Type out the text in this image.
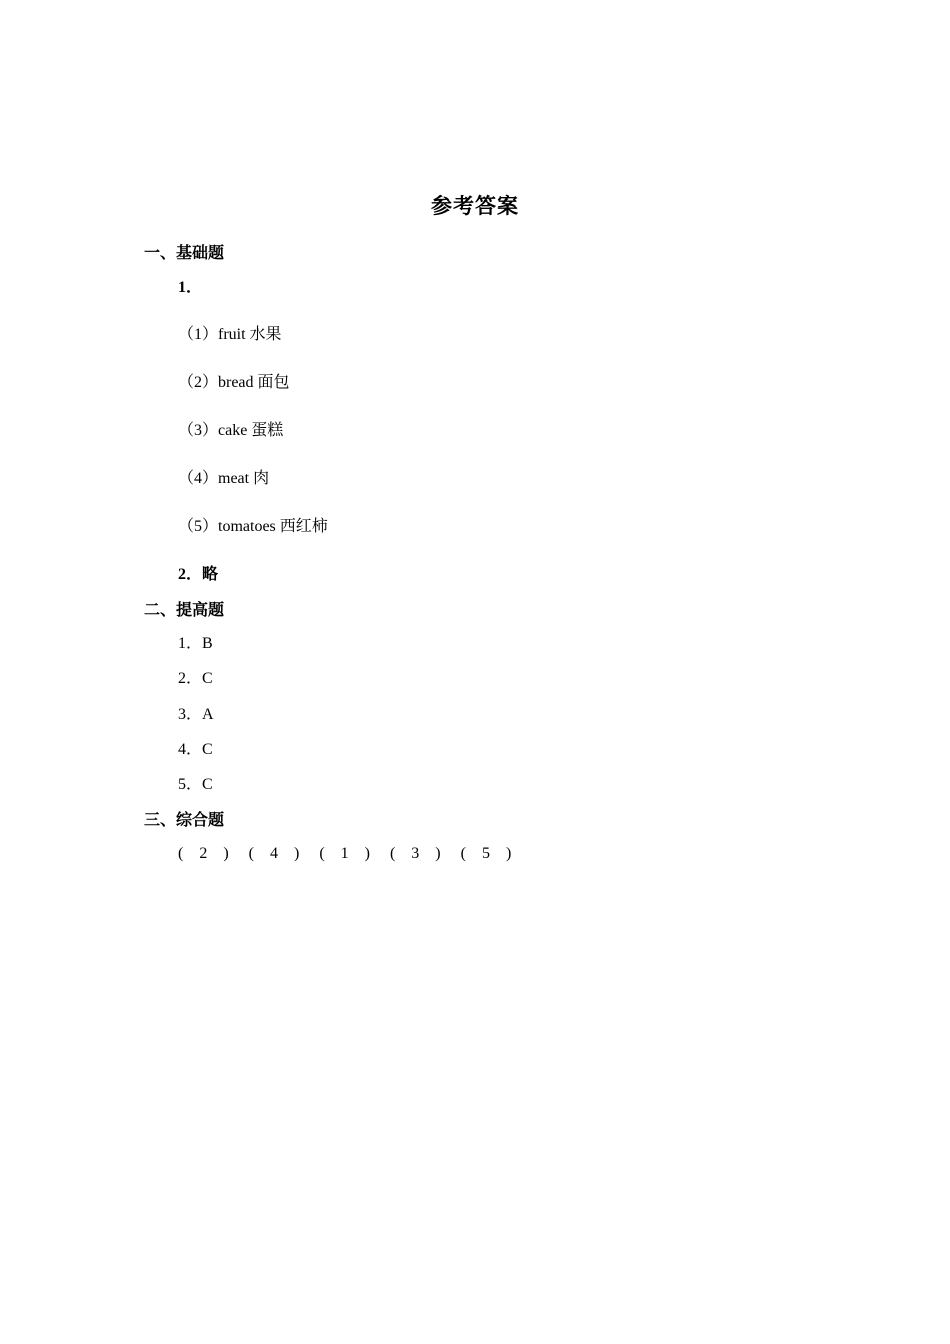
参考答案
一、基础题
1．
（1）fruit 水果
（2）bread 面包
（3）cake 蛋糕
（4）meat 肉
（5）tomatoes 西红柿
2．略
二、提高题
1．B
2．C
3．A
4．C
5．C
三、综合题
( 2 ) ( 4 ) ( 1 ) ( 3 ) ( 5 )
